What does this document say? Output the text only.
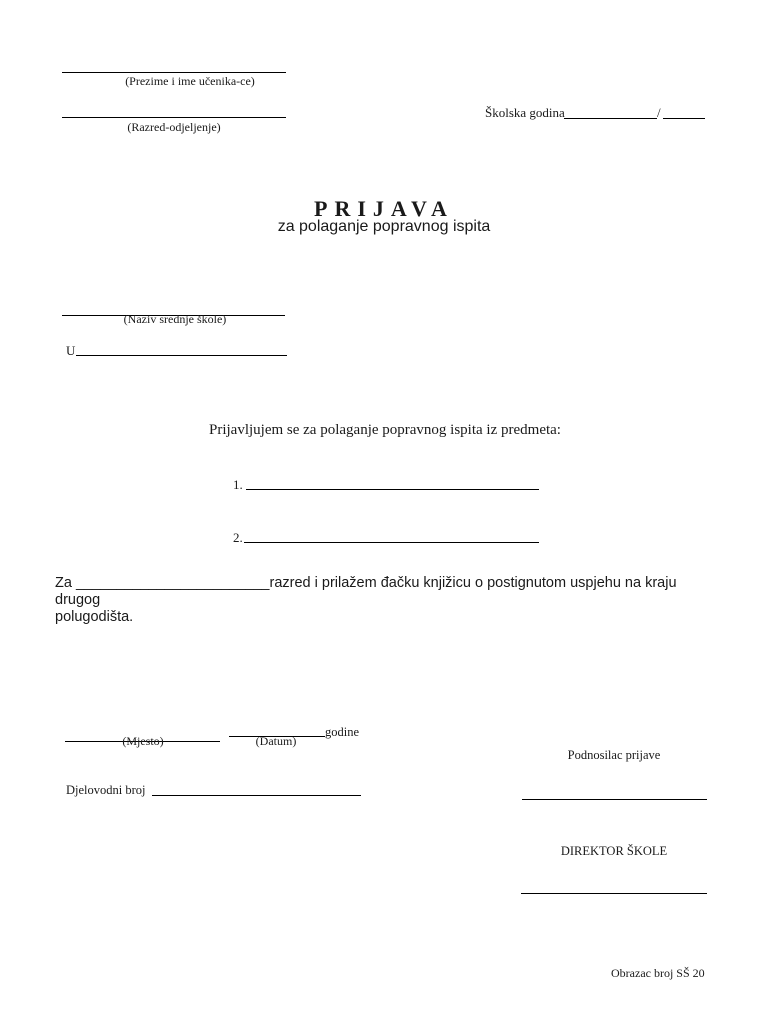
(Prezime i ime učenika-ce)
(Razred-odjeljenje)
Školska godina	/
PRIJAVA
za polaganje popravnog ispita
(Naziv srednje škole)
U
Prijavljujem se za polaganje popravnog ispita iz predmeta:
1.
2.
Za ________________________razred i prilažem đačku knjižicu o postignutom uspjehu na kraju drugog
polugodišta.
(Mjesto)	(Datum)
godine
Podnosilac prijave
Djelovodni broj
DIREKTOR ŠKOLE
Obrazac broj SŠ 20
